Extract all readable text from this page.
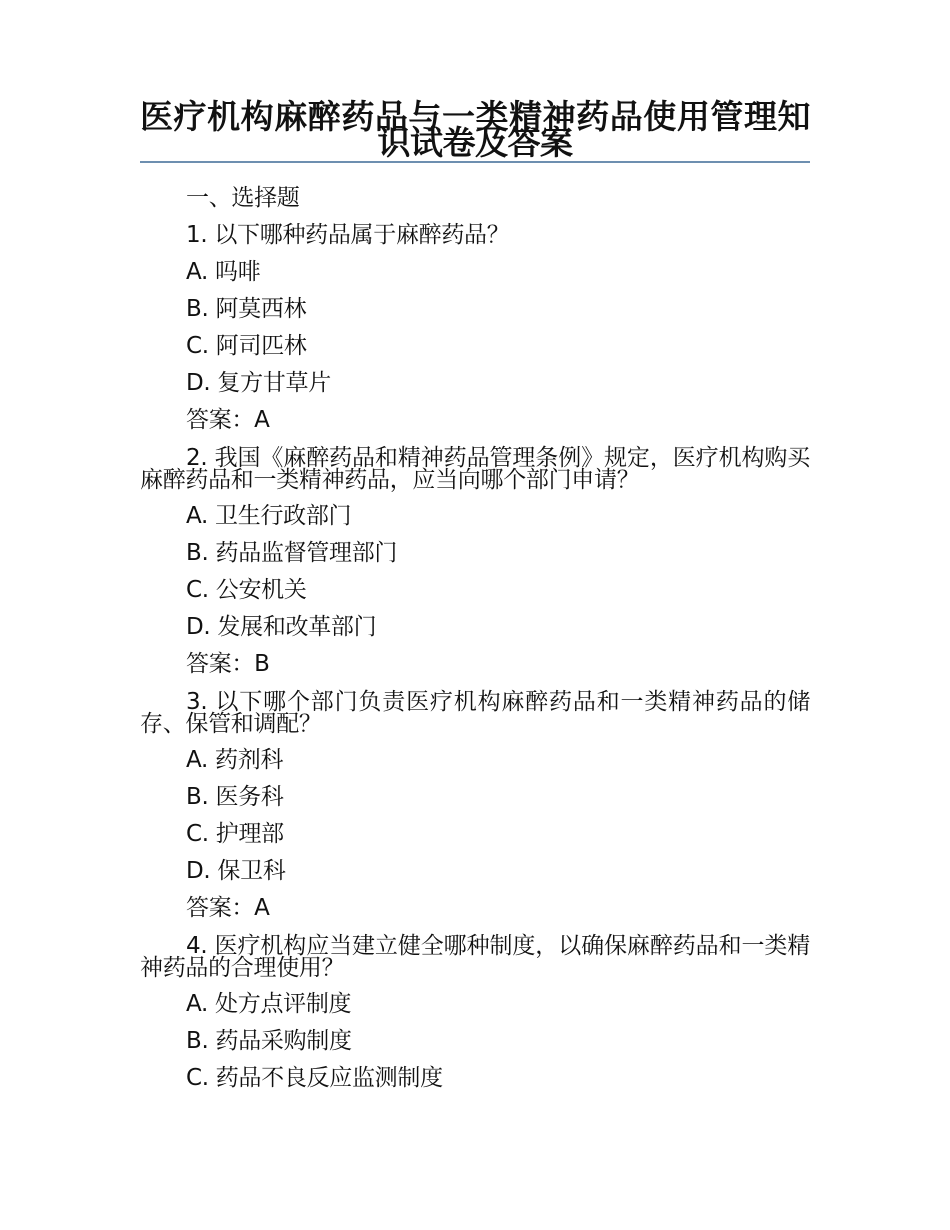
医疗机构麻醉药品与一类精神药品使用管理知识试卷及答案
一、选择题
1. 以下哪种药品属于麻醉药品？
A. 吗啡
B. 阿莫西林
C. 阿司匹林
D. 复方甘草片
答案：A
2. 我国《麻醉药品和精神药品管理条例》规定，医疗机构购买麻醉药品和一类精神药品，应当向哪个部门申请？
A. 卫生行政部门
B. 药品监督管理部门
C. 公安机关
D. 发展和改革部门
答案：B
3. 以下哪个部门负责医疗机构麻醉药品和一类精神药品的储存、保管和调配？
A. 药剂科
B. 医务科
C. 护理部
D. 保卫科
答案：A
4. 医疗机构应当建立健全哪种制度，以确保麻醉药品和一类精神药品的合理使用？
A. 处方点评制度
B. 药品采购制度
C. 药品不良反应监测制度
